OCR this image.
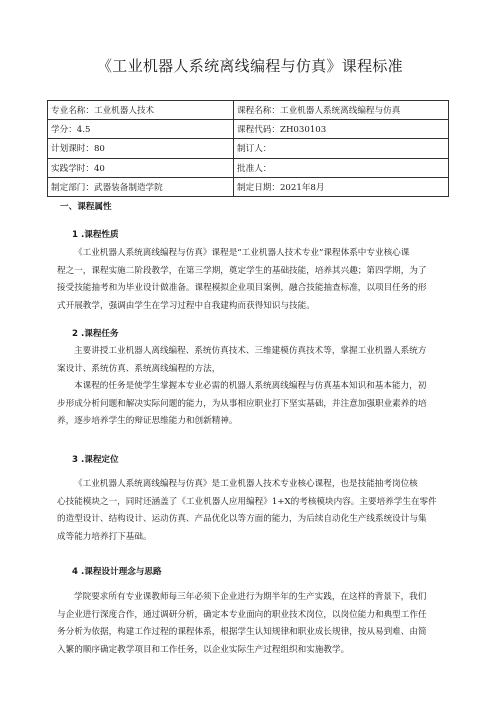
《工业机器人系统离线编程与仿真》课程标准
专业名称：工业机器人技术	课程名称：工业机器人系统离线编程与仿真
学分：4.5	课程代码：ZH030103
计划课时：80	制订人：
实践学时：40	批准人：
制定部门：武器装备制造学院	制定日期：2021年8月
一、课程属性
1 .课程性质
《工业机器人系统离线编程与仿真》课程是“工业机器人技术专业”课程体系中专业核心课
程之一，课程实施二阶段教学，在第三学期，奠定学生的基础技能，培养其兴趣；第四学期，为了
接受技能抽考和为毕业设计做准备。课程模拟企业项目案例，融合技能抽查标准，以项目任务的形
式开展教学，强调由学生在学习过程中自我建构而获得知识与技能。
2 .课程任务
主要讲授工业机器人离线编程、系统仿真技术、三维建模仿真技术等，掌握工业机器人系统方
案设计、系统仿真、系统离线编程的方法，
本课程的任务是使学生掌握本专业必需的机器人系统离线编程与仿真基本知识和基本能力，初
步形成分析问题和解决实际问题的能力，为从事相应职业打下坚实基础，并注意加强职业素养的培
养，逐步培养学生的辩证思维能力和创新精神。
3 .课程定位
《工业机器人系统离线编程与仿真》是工业机器人技术专业核心课程，也是技能抽考岗位核
心技能模块之一，同时还涵盖了《工业机器人应用编程》1+X的考核模块内容。主要培养学生在零件
的造型设计、结构设计、运动仿真、产品优化以等方面的能力，为后续自动化生产线系统设计与集
成等能力培养打下基础。
4 .课程设计理念与思路
学院要求所有专业课教师每三年必须下企业进行为期半年的生产实践，在这样的背景下，我们
与企业进行深度合作，通过调研分析，确定本专业面向的职业技术岗位，以岗位能力和典型工作任
务分析为依据，构建工作过程的课程体系，根据学生认知规律和职业成长规律，按从易到难、由简
入繁的顺序确定教学项目和工作任务，以企业实际生产过程组织和实施教学。
